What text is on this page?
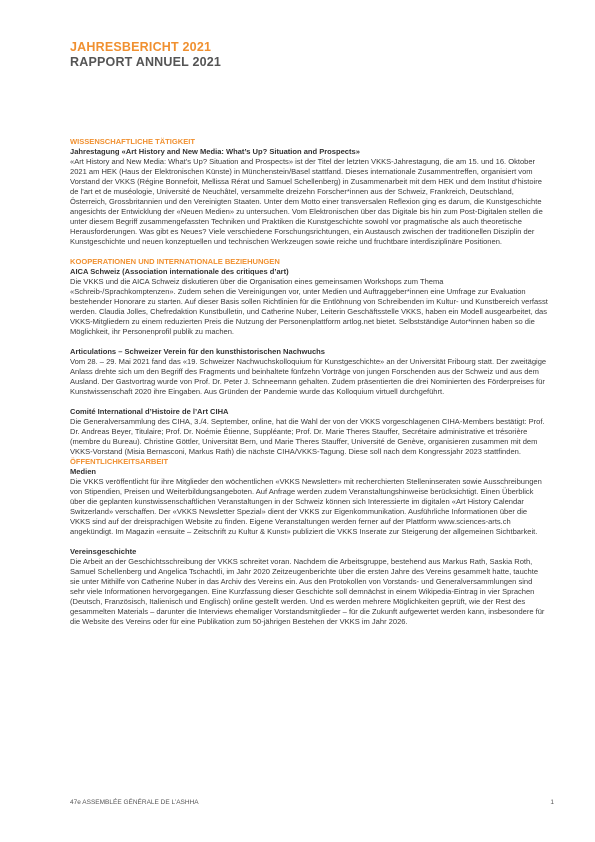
JAHRESBERICHT 2021
RAPPORT ANNUEL 2021
WISSENSCHAFTLICHE TÄTIGKEIT
Jahrestagung «Art History and New Media: What’s Up? Situation and Prospects»

«Art History and New Media: What’s Up? Situation and Prospects» ist der Titel der letzten VKKS-Jahrestagung, die am 15. und 16. Oktober 2021 am HEK (Haus der Elektronischen Künste) in Münchenstein/Basel stattfand. Dieses internationale Zusammentreffen, organisiert vom Vorstand der VKKS (Régine Bonnefoit, Mellissa Rérat und Samuel Schellenberg) in Zusammenarbeit mit dem HEK und dem Institut d’histoire de l’art et de muséologie, Université de Neuchâtel, versammelte dreizehn Forscher*innen aus der Schweiz, Frankreich, Deutschland, Österreich, Grossbritannien und den Vereinigten Staaten. Unter dem Motto einer transversalen Reflexion ging es darum, die Kunstgeschichte angesichts der Entwicklung der «Neuen Medien» zu untersuchen. Vom Elektronischen über das Digitale bis hin zum Post-Digitalen stellen die unter diesem Begriff zusammengefassten Techniken und Praktiken die Kunstgeschichte sowohl vor pragmatische als auch theoretische Herausforderungen. Was gibt es Neues? Viele verschiedene Forschungsrichtungen, ein Austausch zwischen der traditionellen Disziplin der Kunstgeschichte und neuen konzeptuellen und technischen Werkzeugen sowie reiche und fruchtbare interdisziplinäre Positionen.

KOOPERATIONEN UND INTERNATIONALE BEZIEHUNGEN
AICA Schweiz (Association internationale des critiques d’art)

Die VKKS und die AICA Schweiz diskutieren über die Organisation eines gemeinsamen Workshops zum Thema «Schreib-/Sprachkomptenzen». Zudem sehen die Vereinigungen vor, unter Medien und Auftraggeber*innen eine Umfrage zur Evaluation bestehender Honorare zu starten. Auf dieser Basis sollen Richtlinien für die Entlöhnung von Schreibenden im Kultur- und Kunstbereich verfasst werden. Claudia Jolles, Chefredaktion Kunstbulletin, und Catherine Nuber, Leiterin Geschäftsstelle VKKS, haben ein Modell ausgearbeitet, das VKKS-Mitgliedern zu einem reduzierten Preis die Nutzung der Personenplattform artlog.net bietet. Selbstständige Autor*innen haben so die Möglichkeit, ihr Personenprofil publik zu machen.

Articulations – Schweizer Verein für den kunsthistorischen Nachwuchs

Vom 28. – 29. Mai 2021 fand das «19. Schweizer Nachwuchskolloquium für Kunstgeschichte» an der Universität Fribourg statt. Der zweitägige Anlass drehte sich um den Begriff des Fragments und beinhaltete fünfzehn Vorträge von jungen Forschenden aus der Schweiz und aus dem Ausland. Der Gastvortrag wurde von Prof. Dr. Peter J. Schneemann gehalten. Zudem präsentierten die drei Nominierten des Förderpreises für Kunstwissenschaft 2020 ihre Eingaben. Aus Gründen der Pandemie wurde das Kolloquium virtuell durchgeführt.

Comité International d’Histoire de l’Art CIHA

Die Generalversammlung des CIHA, 3./4. September, online, hat die Wahl der von der VKKS vorgeschlagenen CIHA-Members bestätigt: Prof. Dr. Andreas Beyer, Titulaire; Prof. Dr. Noémie Étienne, Suppléante; Prof. Dr. Marie Theres Stauffer, Secrétaire administrative et trésorière (membre du Bureau). Christine Göttler, Universität Bern, und Marie Theres Stauffer, Université de Genève, organisieren zusammen mit dem VKKS-Vorstand (Misia Bernasconi, Markus Rath) die nächste CIHA/VKKS-Tagung. Diese soll nach dem Kongressjahr 2023 stattfinden.

ÖFFENTLICHKEITSARBEIT
Medien

Die VKKS veröffentlicht für ihre Mitglieder den wöchentlichen «VKKS Newsletter» mit recherchierten Stelleninseraten sowie Ausschreibungen von Stipendien, Preisen und Weiterbildungsangeboten. Auf Anfrage werden zudem Veranstaltungshinweise berücksichtigt. Einen Überblick über die geplanten kunstwissenschaftlichen Veranstaltungen in der Schweiz können sich Interessierte im digitalen «Art History Calendar Switzerland» verschaffen. Der «VKKS Newsletter Spezial» dient der VKKS zur Eigenkommunikation. Ausführliche Informationen über die VKKS sind auf der dreisprachigen Website zu finden. Eigene Veranstaltungen werden ferner auf der Plattform www.sciences-arts.ch angekündigt. Im Magazin «ensuite – Zeitschrift zu Kultur & Kunst» publiziert die VKKS Inserate zur Steigerung der allgemeinen Sichtbarkeit.

Vereinsgeschichte

Die Arbeit an der Geschichtsschreibung der VKKS schreitet voran. Nachdem die Arbeitsgruppe, bestehend aus Markus Rath, Saskia Roth, Samuel Schellenberg und Angelica Tschachtli, im Jahr 2020 Zeitzeugenberichte über die ersten Jahre des Vereins gesammelt hatte, tauchte sie unter Mithilfe von Catherine Nuber in das Archiv des Vereins ein. Aus den Protokollen von Vorstands- und Generalversammlungen sind sehr viele Informationen hervorgegangen. Eine Kurzfassung dieser Geschichte soll demnächst in einem Wikipedia-Eintrag in vier Sprachen (Deutsch, Französisch, Italienisch und Englisch) online gestellt werden. Und es werden mehrere Möglichkeiten geprüft, wie der Rest des gesammelten Materials – darunter die Interviews ehemaliger Vorstandsmitglieder – für die Zukunft aufgewertet werden kann, insbesondere für die Website des Vereins oder für eine Publikation zum 50-jährigen Bestehen der VKKS im Jahr 2026.

47e ASSEMBLÉE GÉNÉRALE DE L’ASHHA	1
